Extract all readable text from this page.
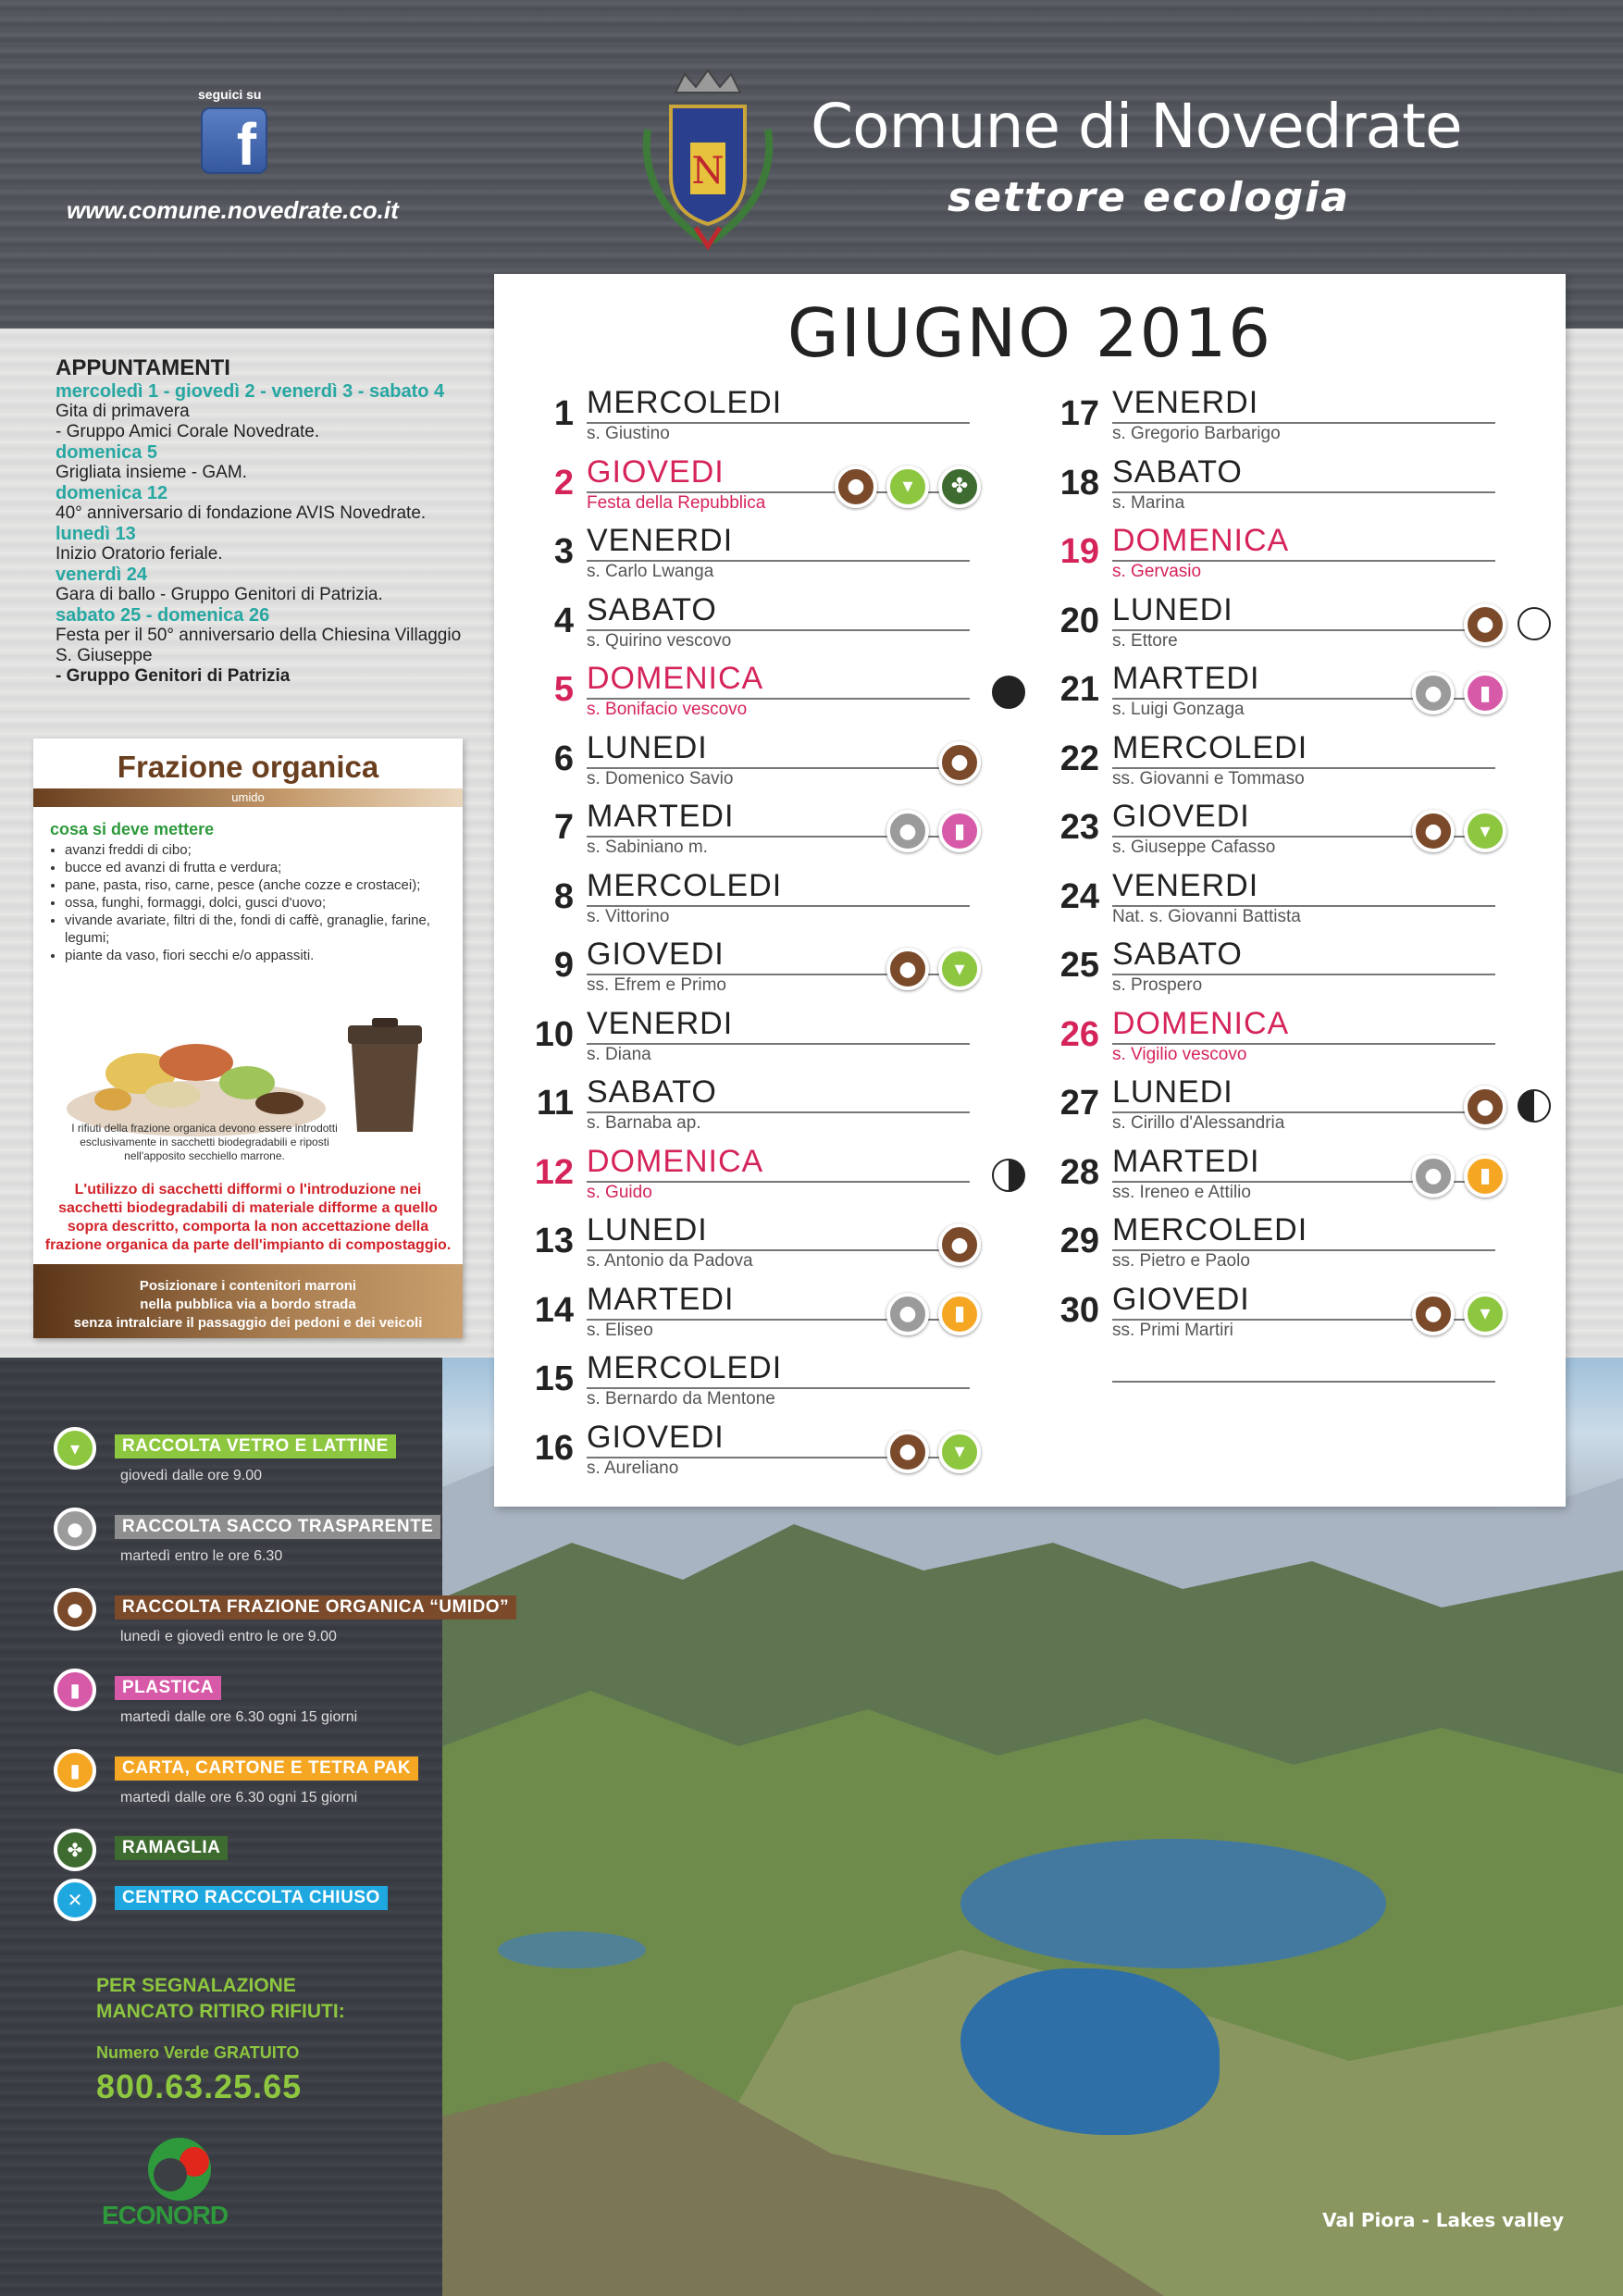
Val Piora - Lakes valley
seguici su
f
www.comune.novedrate.co.it
N
Comune di Novedrate
settore ecologia
APPUNTAMENTI
mercoledì 1 - giovedì 2 - venerdì 3 - sabato 4
Gita di primavera
- Gruppo Amici Corale Novedrate.
domenica 5
Grigliata insieme - GAM.
domenica 12
40° anniversario di fondazione AVIS Novedrate.
lunedì 13
Inizio Oratorio feriale.
venerdì 24
Gara di ballo - Gruppo Genitori di Patrizia.
sabato 25 - domenica 26
Festa per il 50° anniversario della Chiesina Villaggio S. Giuseppe
- Gruppo Genitori di Patrizia
Frazione organica
umido
cosa si deve mettere
• avanzi freddi di cibo;
• bucce ed avanzi di frutta e verdura;
• pane, pasta, riso, carne, pesce (anche cozze e crostacei);
• ossa, funghi, formaggi, dolci, gusci d'uovo;
• vivande avariate, filtri di the, fondi di caffè, granaglie, farine, legumi;
• piante da vaso, fiori secchi e/o appassiti.
I rifiuti della frazione organica devono essere introdotti esclusivamente in sacchetti biodegradabili e riposti nell'apposito secchiello marrone.
L'utilizzo di sacchetti difformi o l'introduzione nei sacchetti biodegradabili di materiale difforme a quello sopra descritto, comporta la non accettazione della frazione organica da parte dell'impianto di compostaggio.
Posizionare i contenitori marroni
nella pubblica via a bordo strada
senza intralciare il passaggio dei pedoni e dei veicoli
GIUGNO 2016
1 MERCOLEDI
s. Giustino
2 GIOVEDI
Festa della Repubblica
●	▾	✤
3 VENERDI
s. Carlo Lwanga
4 SABATO
s. Quirino vescovo
5 DOMENICA
s. Bonifacio vescovo
6 LUNEDI
s. Domenico Savio
●
7 MARTEDI
s. Sabiniano m.
●	▮
8 MERCOLEDI
s. Vittorino
9 GIOVEDI
ss. Efrem e Primo
●	▾
10 VENERDI
s. Diana
11 SABATO
s. Barnaba ap.
12 DOMENICA
s. Guido
13 LUNEDI
s. Antonio da Padova
●
14 MARTEDI
s. Eliseo
●	▮
15 MERCOLEDI
s. Bernardo da Mentone
16 GIOVEDI
s. Aureliano
●	▾
17 VENERDI
s. Gregorio Barbarigo
18 SABATO
s. Marina
19 DOMENICA
s. Gervasio
20 LUNEDI
s. Ettore
●
21 MARTEDI
s. Luigi Gonzaga
●	▮
22 MERCOLEDI
ss. Giovanni e Tommaso
23 GIOVEDI
s. Giuseppe Cafasso
●	▾
24 VENERDI
Nat. s. Giovanni Battista
25 SABATO
s. Prospero
26 DOMENICA
s. Vigilio vescovo
27 LUNEDI
s. Cirillo d'Alessandria
●
28 MARTEDI
ss. Ireneo e Attilio
●	▮
29 MERCOLEDI
ss. Pietro e Paolo
30 GIOVEDI
ss. Primi Martiri
●	▾
▾	RACCOLTA VETRO E LATTINE
giovedì dalle ore 9.00
●	RACCOLTA SACCO TRASPARENTE
martedì entro le ore 6.30
●	RACCOLTA FRAZIONE ORGANICA “UMIDO”
lunedì e giovedì entro le ore 9.00
▮	PLASTICA
martedì dalle ore 6.30 ogni 15 giorni
▮	CARTA, CARTONE E TETRA PAK
martedì dalle ore 6.30 ogni 15 giorni
✤	RAMAGLIA
✕	CENTRO RACCOLTA CHIUSO
PER SEGNALAZIONE
MANCATO RITIRO RIFIUTI:
Numero Verde GRATUITO
800.63.25.65
ECONORD
